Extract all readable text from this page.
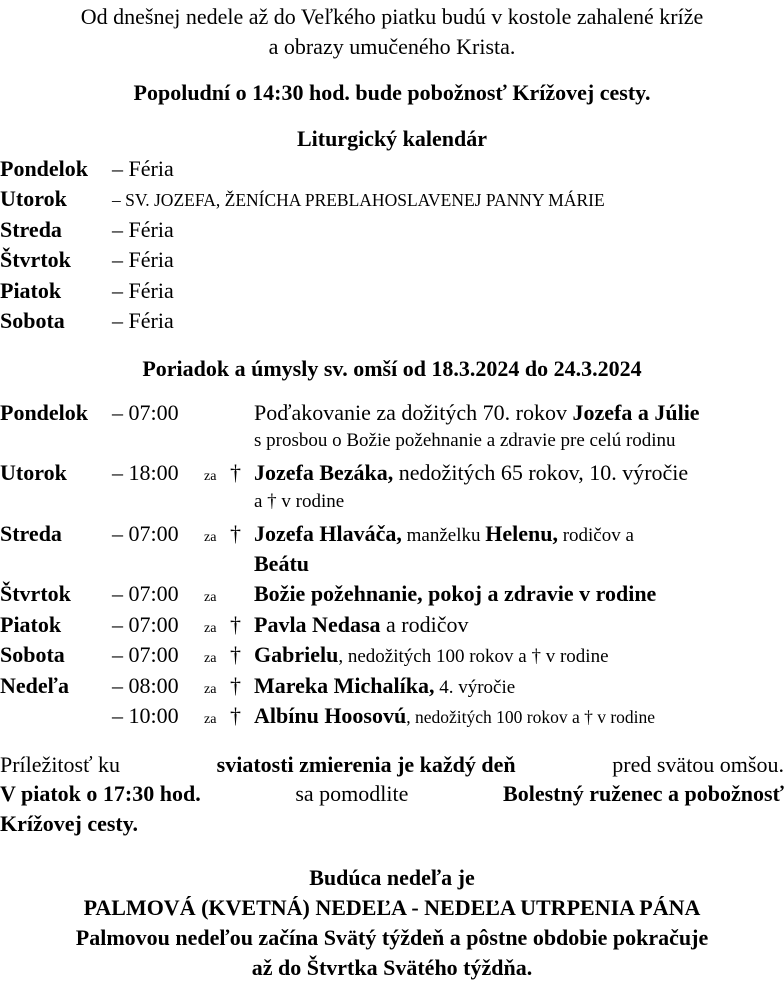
Od dnešnej nedele až do Veľkého piatku budú v kostole zahalené kríže

a obrazy umučeného Krista.

Popoludní o 14:30 hod. bude pobožnosť Krížovej cesty.

Liturgický kalendár

Pondelok	– Féria
Utorok	– SV. JOZEFA, ŽENÍCHA PREBLAHOSLAVENEJ PANNY MÁRIE
Streda	– Féria
Štvrtok	– Féria
Piatok	– Féria
Sobota	– Féria

Poriadok a úmysly sv. omší od 18.3.2024 do 24.3.2024

Pondelok	– 07:00	Poďakovanie za dožitých 70. rokov Jozefa a Júlie
s prosbou o Božie požehnanie a zdravie pre celú rodinu
Utorok	– 18:00	za † Jozefa Bezáka, nedožitých 65 rokov, 10. výročie
a † v rodine
Streda	– 07:00	za † Jozefa Hlaváča, manželku Helenu, rodičov a
Beátu
Štvrtok	– 07:00	za	Božie požehnanie, pokoj a zdravie v rodine
Piatok	– 07:00	za † Pavla Nedasa a rodičov
Sobota	– 07:00	za † Gabrielu, nedožitých 100 rokov a † v rodine
Nedeľa	– 08:00	za † Mareka Michalíka, 4. výročie
– 10:00	za † Albínu Hoosovú, nedožitých 100 rokov a † v rodine

Príležitosť ku	sviatosti zmierenia je každý deň	pred svätou omšou.

V piatok o 17:30 hod.	sa pomodlite	Bolestný ruženec a pobožnosť

Krížovej cesty.

Budúca nedeľa je

PALMOVÁ (KVETNÁ) NEDEĽA - NEDEĽA UTRPENIA PÁNA

Palmovou nedeľou začína Svätý týždeň a pôstne obdobie pokračuje

až do Štvrtka Svätého týždňa.
